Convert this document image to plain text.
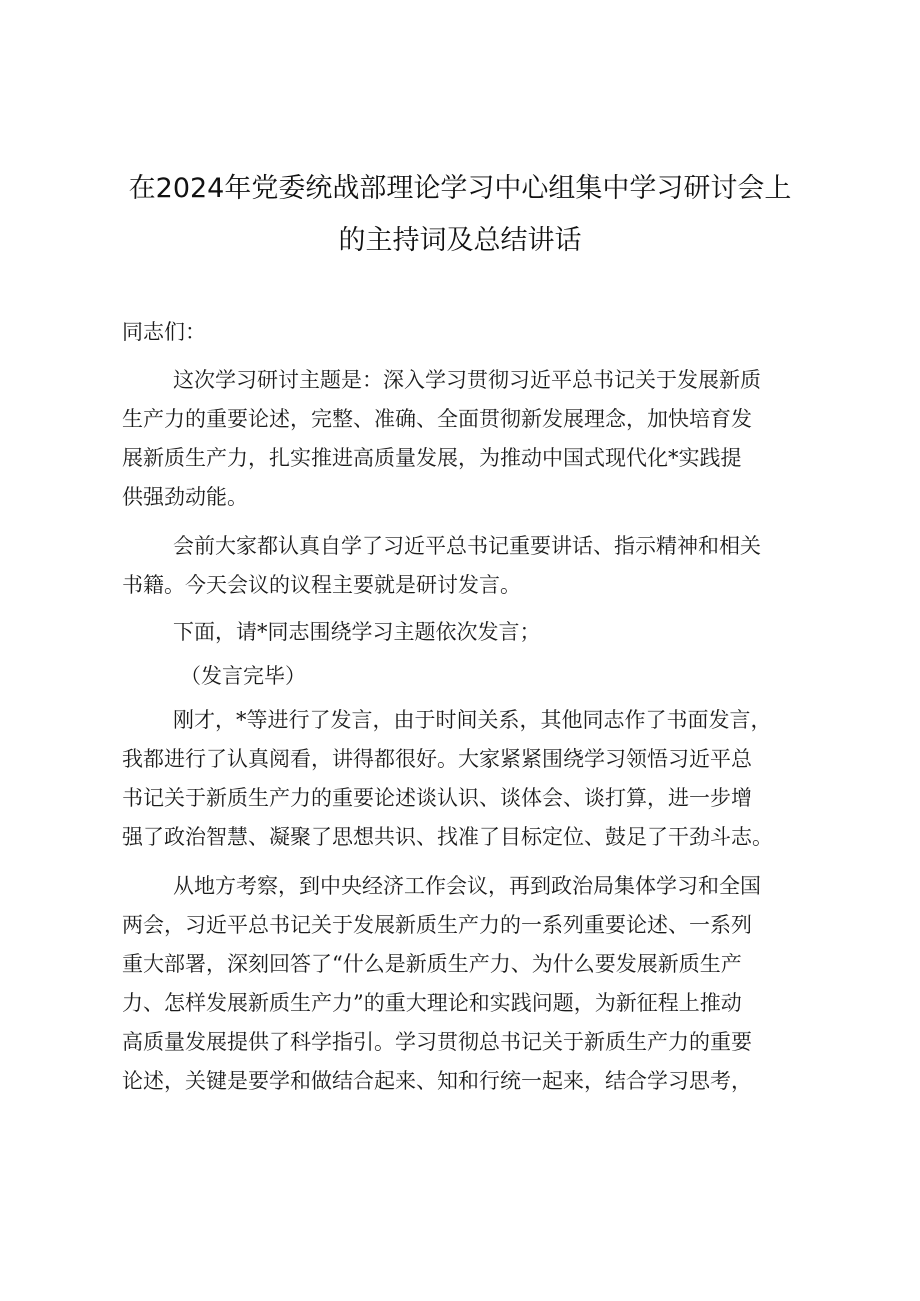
在2024年党委统战部理论学习中心组集中学习研讨会上
的主持词及总结讲话
同志们：
这次学习研讨主题是：深入学习贯彻习近平总书记关于发展新质
生产力的重要论述，完整、准确、全面贯彻新发展理念，加快培育发
展新质生产力，扎实推进高质量发展，为推动中国式现代化*实践提
供强劲动能。
会前大家都认真自学了习近平总书记重要讲话、指示精神和相关
书籍。今天会议的议程主要就是研讨发言。
下面，请*同志围绕学习主题依次发言；
（发言完毕）
刚才，*等进行了发言，由于时间关系，其他同志作了书面发言，
我都进行了认真阅看，讲得都很好。大家紧紧围绕学习领悟习近平总
书记关于新质生产力的重要论述谈认识、谈体会、谈打算，进一步增
强了政治智慧、凝聚了思想共识、找准了目标定位、鼓足了干劲斗志。
从地方考察，到中央经济工作会议，再到政治局集体学习和全国
两会，习近平总书记关于发展新质生产力的一系列重要论述、一系列
重大部署，深刻回答了“什么是新质生产力、为什么要发展新质生产
力、怎样发展新质生产力”的重大理论和实践问题，为新征程上推动
高质量发展提供了科学指引。学习贯彻总书记关于新质生产力的重要
论述，关键是要学和做结合起来、知和行统一起来，结合学习思考，
